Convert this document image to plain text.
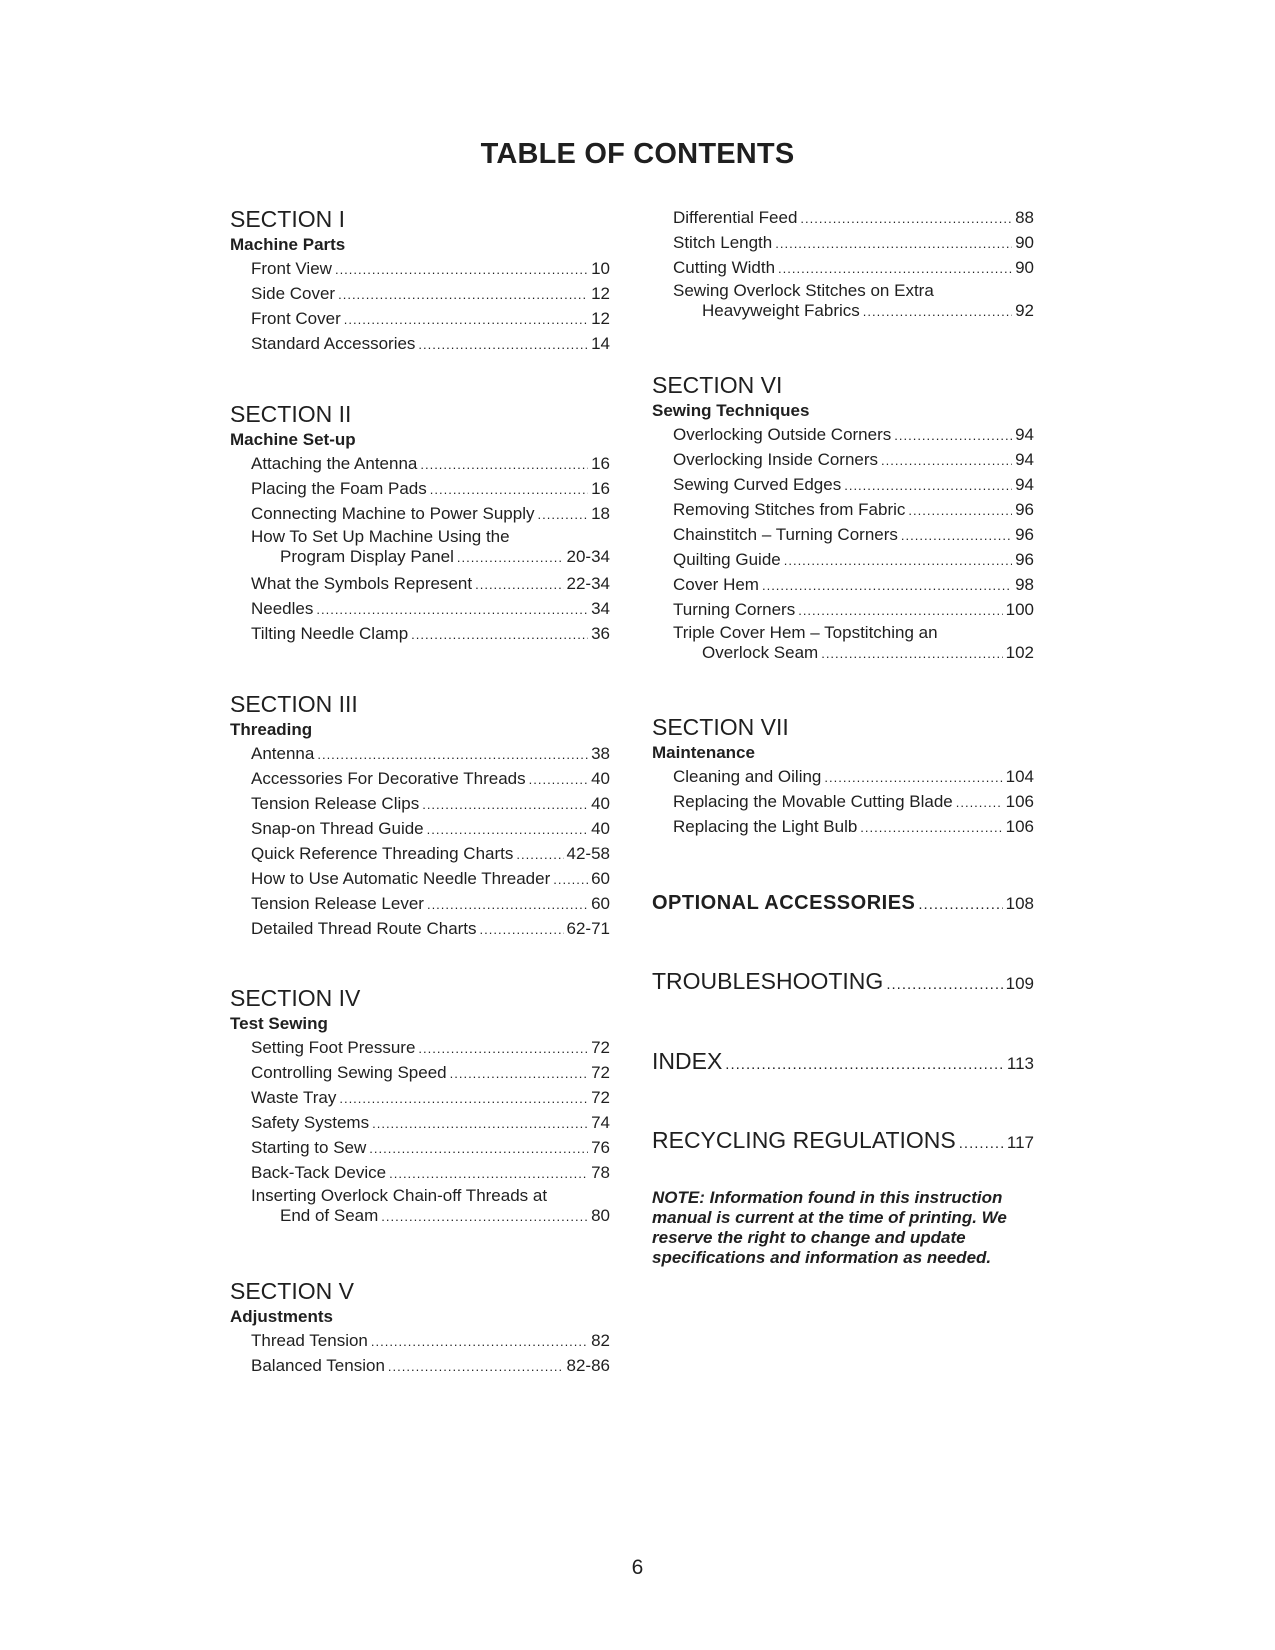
TABLE OF CONTENTS
SECTION I
Machine Parts
Front View .....	10
Side Cover .....	12
Front Cover .....	12
Standard Accessories .....	14
SECTION II
Machine Set-up
Attaching the Antenna .....	16
Placing the Foam Pads .....	16
Connecting Machine to Power Supply .....	18
How To Set Up Machine Using the
Program Display Panel .....	20-34
What the Symbols Represent .....	22-34
Needles .....	34
Tilting Needle Clamp .....	36
SECTION III
Threading
Antenna .....	38
Accessories For Decorative Threads .....	40
Tension Release Clips .....	40
Snap-on Thread Guide .....	40
Quick Reference Threading Charts .....	42-58
How to Use Automatic Needle Threader ..... 60
Tension Release Lever .....	60
Detailed Thread Route Charts .....	62-71
SECTION IV
Test Sewing
Setting Foot Pressure .....	72
Controlling Sewing Speed .....	72
Waste Tray .....	72
Safety Systems .....	74
Starting to Sew .....	76
Back-Tack Device .....	78
Inserting Overlock Chain-off Threads at
End of Seam .....	80
SECTION V
Adjustments
Thread Tension .....	82
Balanced Tension .....	82-86
Differential Feed .....	88
Stitch Length .....	90
Cutting Width .....	90
Sewing Overlock Stitches on Extra
Heavyweight Fabrics .....	92
SECTION VI
Sewing Techniques
Overlocking Outside Corners .....	94
Overlocking Inside Corners .....	94
Sewing Curved Edges .....	94
Removing Stitches from Fabric .....	96
Chainstitch – Turning Corners .....	96
Quilting Guide .....	96
Cover Hem .....	98
Turning Corners .....	100
Triple Cover Hem – Topstitching an
Overlock Seam .....	102
SECTION VII
Maintenance
Cleaning and Oiling .....	104
Replacing the Movable Cutting Blade .....	106
Replacing the Light Bulb .....	106
OPTIONAL ACCESSORIES .....	108
TROUBLESHOOTING .....	109
INDEX .....	113
RECYCLING REGULATIONS .....	117
NOTE: Information found in this instruction manual is current at the time of printing. We reserve the right to change and update specifications and information as needed.
6
